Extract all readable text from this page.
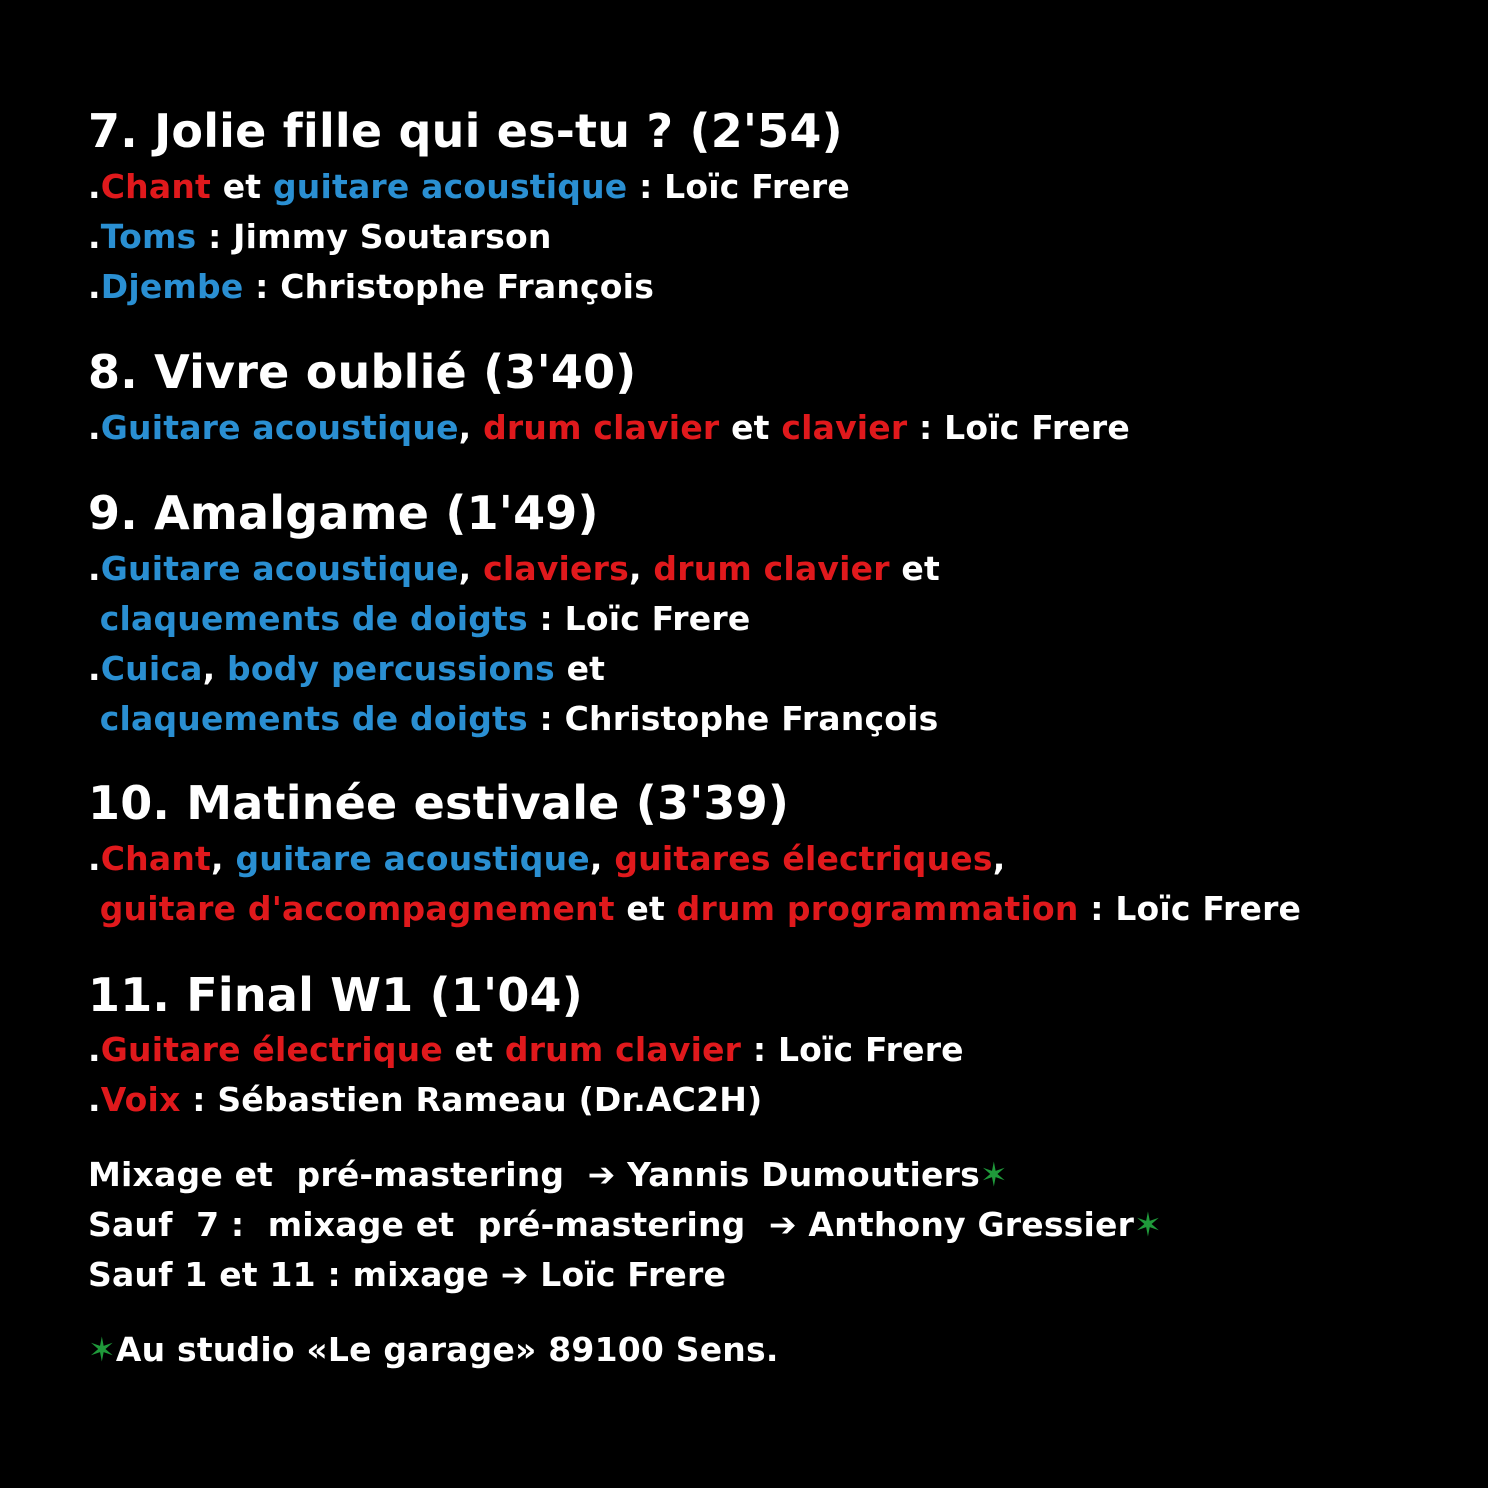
7. Jolie fille qui es-tu ? (2'54)
.Chant et guitare acoustique : Loïc Frere
.Toms : Jimmy Soutarson
.Djembe : Christophe François
8. Vivre oublié (3'40)
.Guitare acoustique, drum clavier et clavier : Loïc Frere
9. Amalgame (1'49)
.Guitare acoustique, claviers, drum clavier et
claquements de doigts : Loïc Frere
.Cuica, body percussions et
claquements de doigts : Christophe François
10. Matinée estivale (3'39)
.Chant, guitare acoustique, guitares électriques,
guitare d'accompagnement et drum programmation : Loïc Frere
11. Final W1 (1'04)
.Guitare électrique et drum clavier : Loïc Frere
.Voix : Sébastien Rameau (Dr.AC2H)
Mixage et  pré-mastering  ➔ Yannis Dumoutiers✶
Sauf  7 :  mixage et  pré-mastering  ➔ Anthony Gressier✶
Sauf 1 et 11 : mixage ➔ Loïc Frere
✶Au studio «Le garage» 89100 Sens.
